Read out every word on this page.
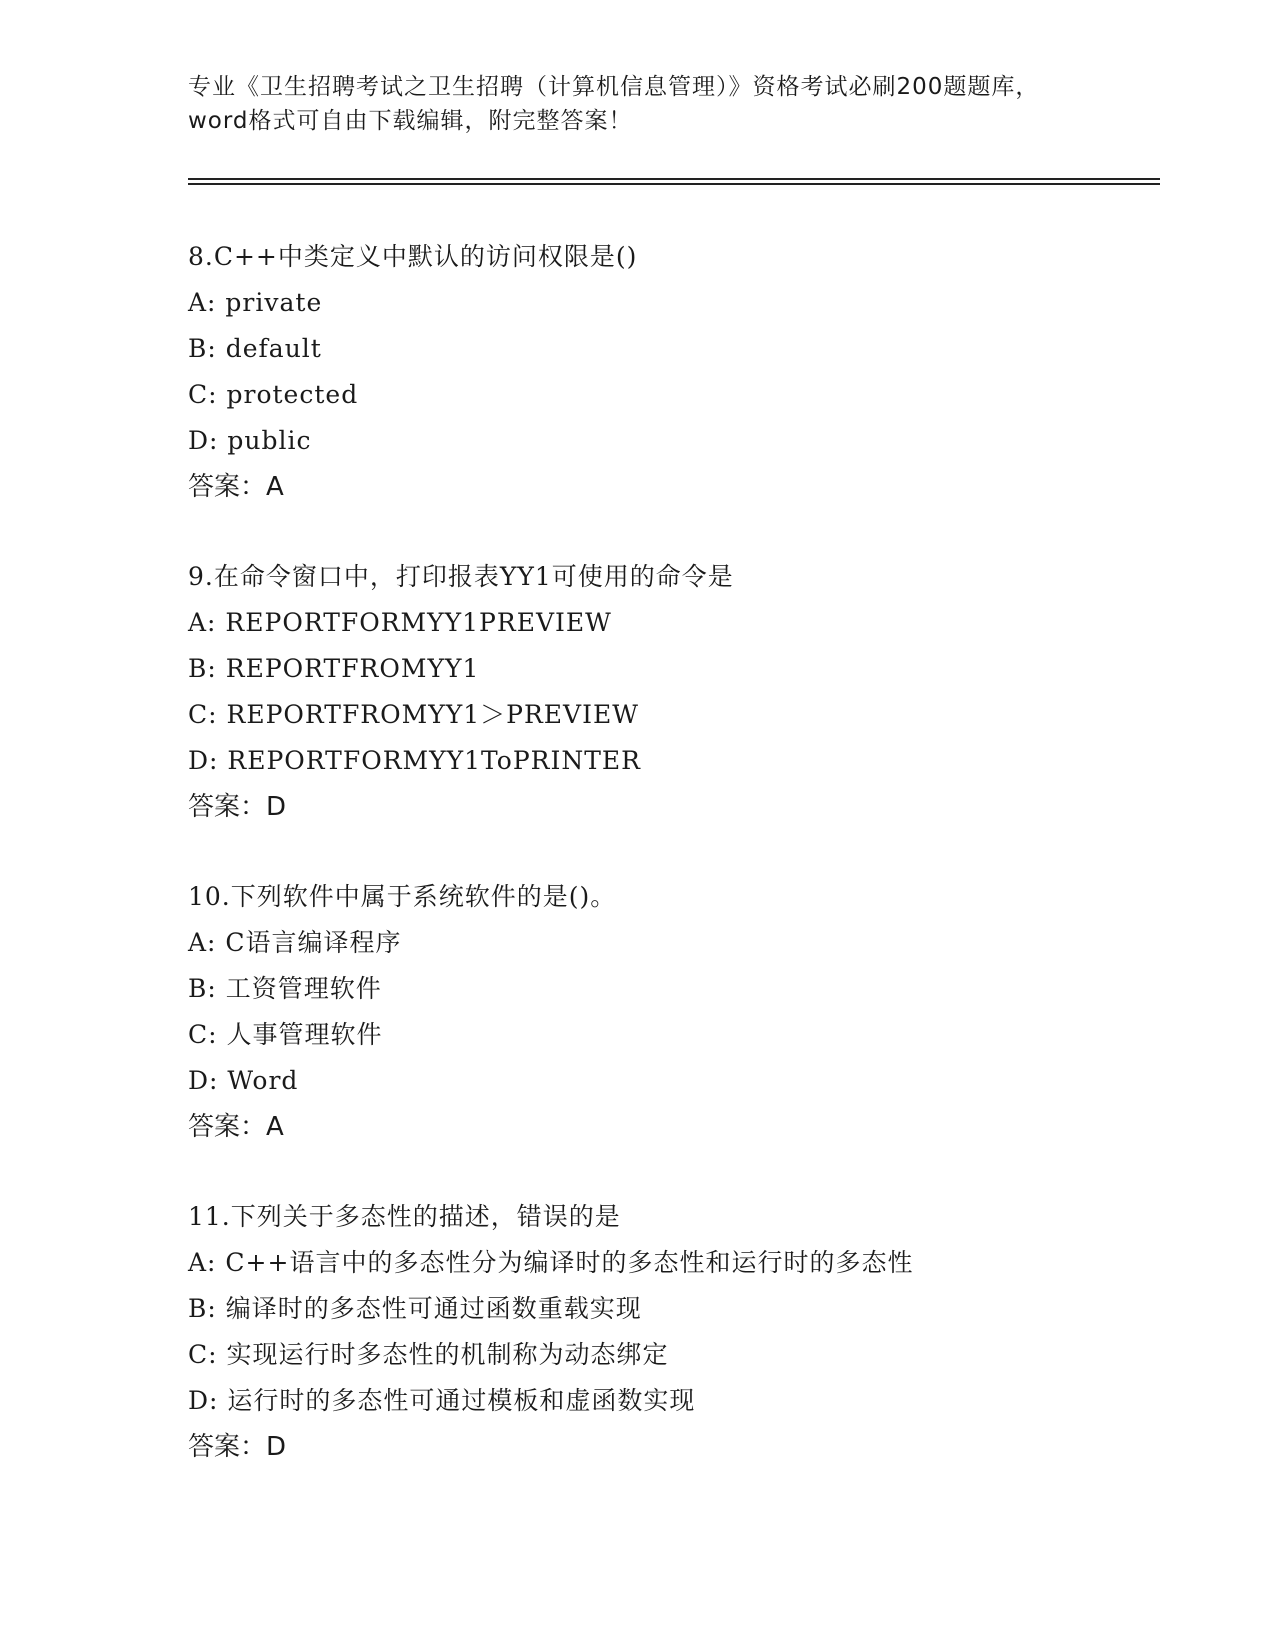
专业《卫生招聘考试之卫生招聘（计算机信息管理）》资格考试必刷200题题库，

word格式可自由下载编辑，附完整答案！

8.C++中类定义中默认的访问权限是()
A: private
B: default
C: protected
D: public
答案：A
9.在命令窗口中，打印报表YY1可使用的命令是
A: REPORTFORMYY1PREVIEW
B: REPORTFROMYY1
C: REPORTFROMYY1＞PREVIEW
D: REPORTFORMYY1ToPRINTER
答案：D
10.下列软件中属于系统软件的是()。
A: C语言编译程序
B: 工资管理软件
C: 人事管理软件
D: Word
答案：A
11.下列关于多态性的描述，错误的是
A: C++语言中的多态性分为编译时的多态性和运行时的多态性
B: 编译时的多态性可通过函数重载实现
C: 实现运行时多态性的机制称为动态绑定
D: 运行时的多态性可通过模板和虚函数实现
答案：D
